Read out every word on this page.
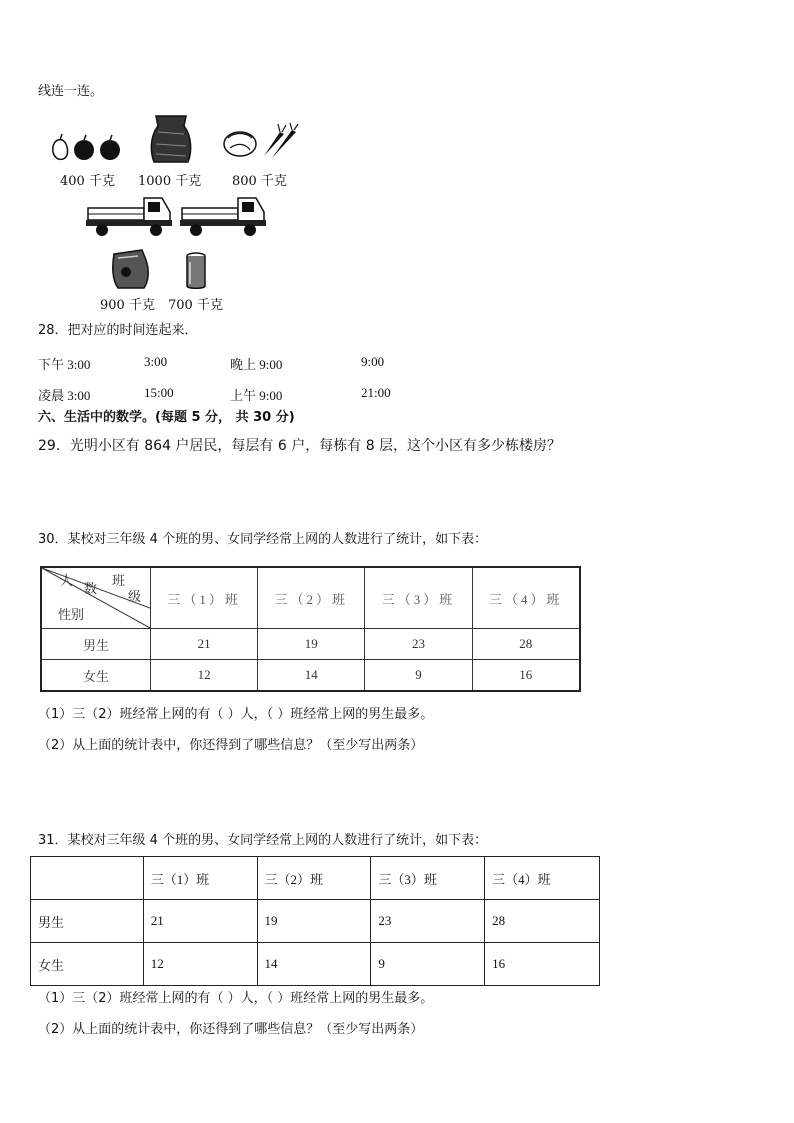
线连一连。
400 千克 1000 千克 800 千克
900 千克 700 千克
28．把对应的时间连起来．
下午 3:00	3:00	晚上 9:00	9:00
凌晨 3:00	15:00	上午 9:00	21:00
六、生活中的数学。(每题 5 分， 共 30 分)
29．光明小区有 864 户居民，每层有 6 户，每栋有 8 层，这个小区有多少栋楼房？
30．某校对三年级 4 个班的男、女同学经常上网的人数进行了统计，如下表：
人
数
班
级
性别	三（1）班	三（2）班	三（3）班	三（4）班
男生	21	19	23	28
女生	12	14	9	16
（1）三（2）班经常上网的有（ ）人，（ ）班经常上网的男生最多。
（2）从上面的统计表中，你还得到了哪些信息？（至少写出两条）
31．某校对三年级 4 个班的男、女同学经常上网的人数进行了统计，如下表：
	三（1）班	三（2）班	三（3）班	三（4）班
男生	21	19	23	28
女生	12	14	9	16
（1）三（2）班经常上网的有（ ）人，（ ）班经常上网的男生最多。
（2）从上面的统计表中，你还得到了哪些信息？（至少写出两条）
